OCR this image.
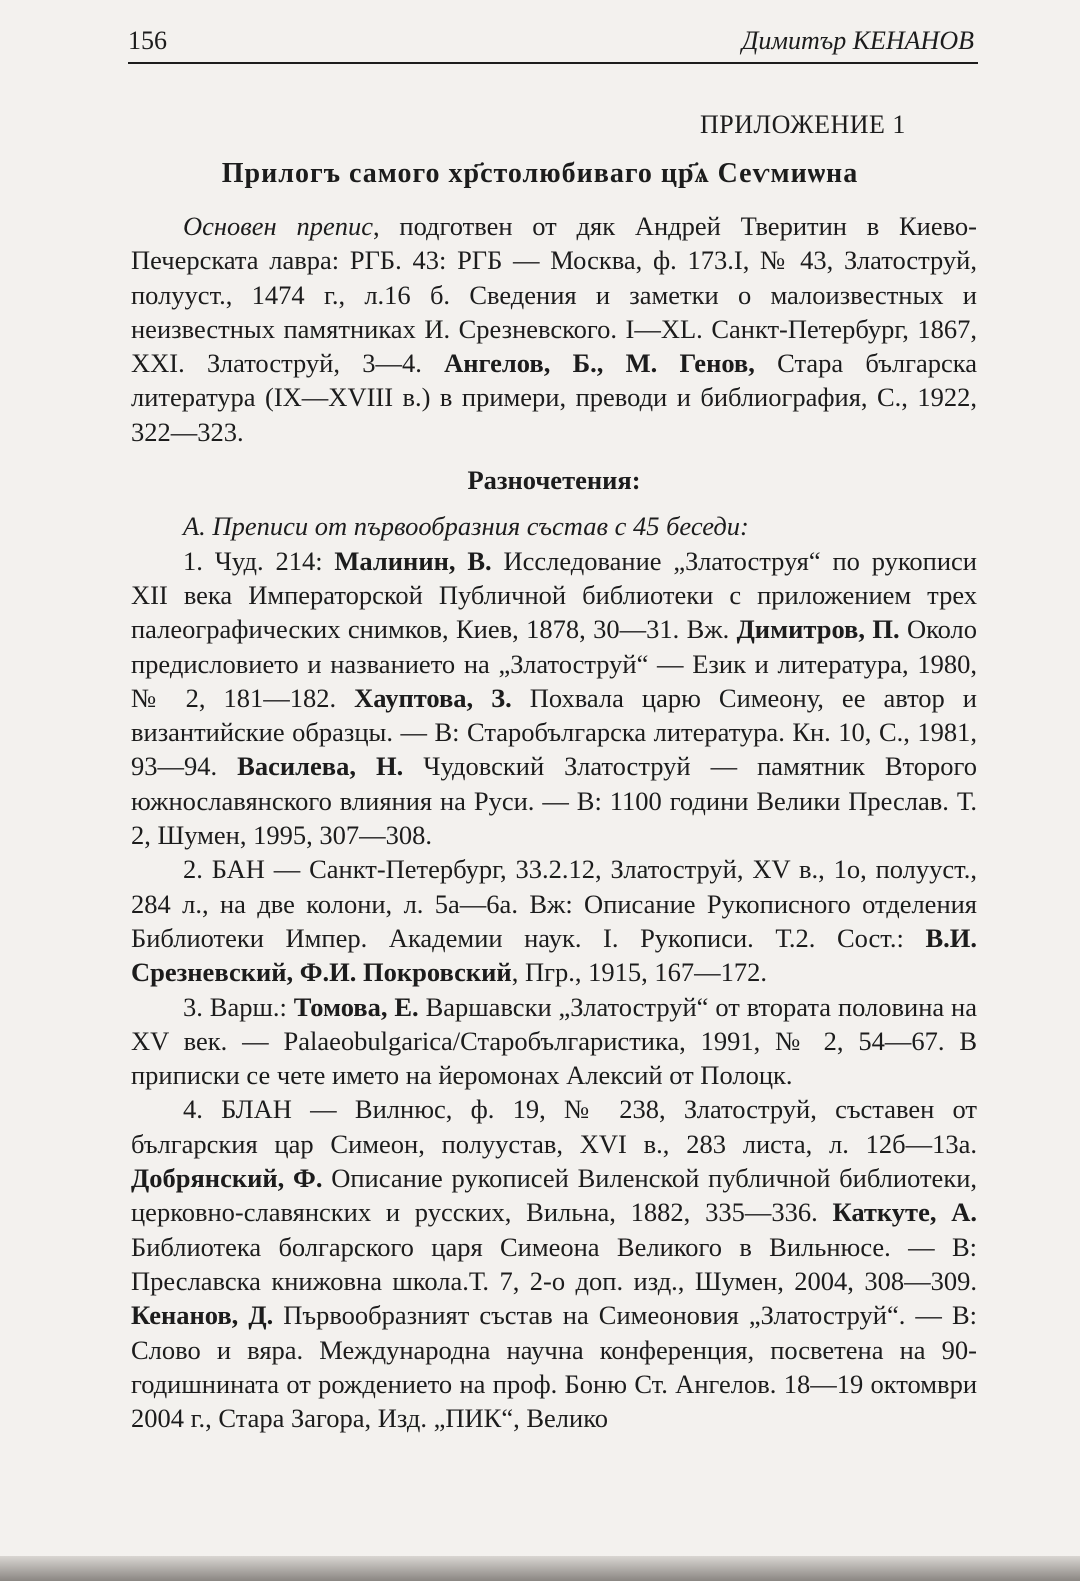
156	Димитър КЕНАНОВ
ПРИЛОЖЕНИЕ 1
Прилогъ самого хр҃столюбиваго цр҃ѧ Сеѵмиѡна

Основен препис, подготвен от дяк Андрей Тверитин в Киево-Печерската лавра: РГБ. 43: РГБ — Москва, ф. 173.I, № 43, Златоструй, полууст., 1474 г., л.16 б. Сведения и заметки о малоизвестных и неизвестных памятниках И. Срезневского. I—XL. Санкт-Петербург, 1867, XXI. Златоструй, 3—4. Ангелов, Б., М. Генов, Стара българска литература (IX—XVIII в.) в примери, преводи и библиография, С., 1922, 322—323.

Разночетения:

А. Преписи от първообразния състав с 45 беседи:

1. Чуд. 214: Малинин, В. Исследование „Златоструя“ по рукописи XII века Императорской Публичной библиотеки с приложением трех палеографических снимков, Киев, 1878, 30—31. Вж. Димитров, П. Около предисловието и названието на „Златоструй“ — Език и литература, 1980, № 2, 181—182. Хауптова, З. Похвала царю Симеону, ее автор и византийские образцы. — В: Старобългарска литература. Кн. 10, С., 1981, 93—94. Василева, Н. Чудовский Златоструй — памятник Второго южнославянского влияния на Руси. — В: 1100 години Велики Преслав. Т. 2, Шумен, 1995, 307—308.

2. БАН — Санкт-Петербург, 33.2.12, Златоструй, XV в., 1о, полууст., 284 л., на две колони, л. 5а—6а. Вж: Описание Рукописного отделения Библиотеки Импер. Академии наук. I. Рукописи. Т.2. Сост.: В.И. Срезневский, Ф.И. Покровский, Пгр., 1915, 167—172.

3. Варш.: Томова, Е. Варшавски „Златоструй“ от втората половина на XV век. — Palaeobulgarica/Старобългаристика, 1991, № 2, 54—67. В приписки се чете името на йеромонах Алексий от Полоцк.

4. БЛАН — Вилнюс, ф. 19, № 238, Златоструй, съставен от българския цар Симеон, полуустав, XVI в., 283 листа, л. 12б—13а. Добрянский, Ф. Описание рукописей Виленской публичной библиотеки, церковно-славянских и русских, Вильна, 1882, 335—336. Каткуте, А. Библиотека болгарского царя Симеона Великого в Вильнюсе. — В: Преславска книжовна школа.Т. 7, 2-о доп. изд., Шумен, 2004, 308—309. Кенанов, Д. Първообразният състав на Симеоновия „Златоструй“. — В: Слово и вяра. Международна научна конференция, посветена на 90-годишнината от рождението на проф. Боню Ст. Ангелов. 18—19 октомври 2004 г., Стара Загора, Изд. „ПИК“, Велико
